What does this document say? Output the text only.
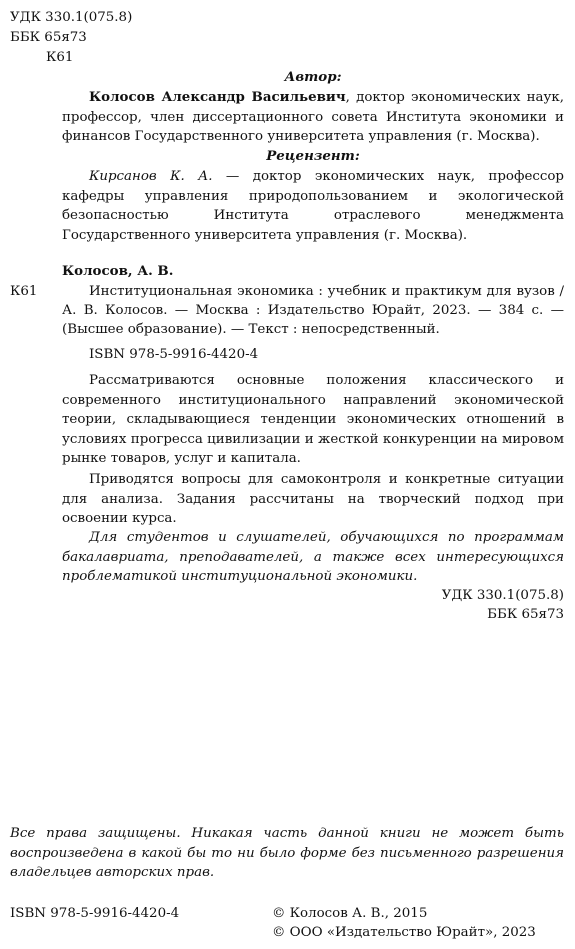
УДК 330.1(075.8)
ББК 65я73
К61
Автор:

Колосов Александр Васильевич, доктор экономических наук, профессор, член диссертационного совета Института экономики и финансов Государственного университета управления (г. Москва).

Рецензент:

Кирсанов К. А. — доктор экономических наук, профессор кафедры управления природопользованием и экологической безопасностью Института отраслевого менеджмента Государственного университета управления (г. Москва).

Колосов, А. В.
К61	Институциональная экономика : учебник и практикум для вузов /
А. В. Колосов. — Москва : Издательство Юрайт, 2023. — 384 с. —
(Высшее образование). — Текст : непосредственный.
ISBN 978-5-9916-4420-4

Рассматриваются основные положения классического и современного институционального направлений экономической теории, складывающиеся тенденции экономических отношений в условиях прогресса цивилизации и жесткой конкуренции на мировом рынке товаров, услуг и капитала.

Приводятся вопросы для самоконтроля и конкретные ситуации для анализа. Задания рассчитаны на творческий подход при освоении курса.

Для студентов и слушателей, обучающихся по программам бакалавриата, преподавателей, а также всех интересующихся проблематикой институциональной экономики.

УДК 330.1(075.8)
ББК 65я73

Все права защищены. Никакая часть данной книги не может быть воспроизведена в какой бы то ни было форме без письменного разрешения владельцев авторских прав.

ISBN 978-5-9916-4420-4	© Колосов А. В., 2015
© ООО «Издательство Юрайт», 2023
